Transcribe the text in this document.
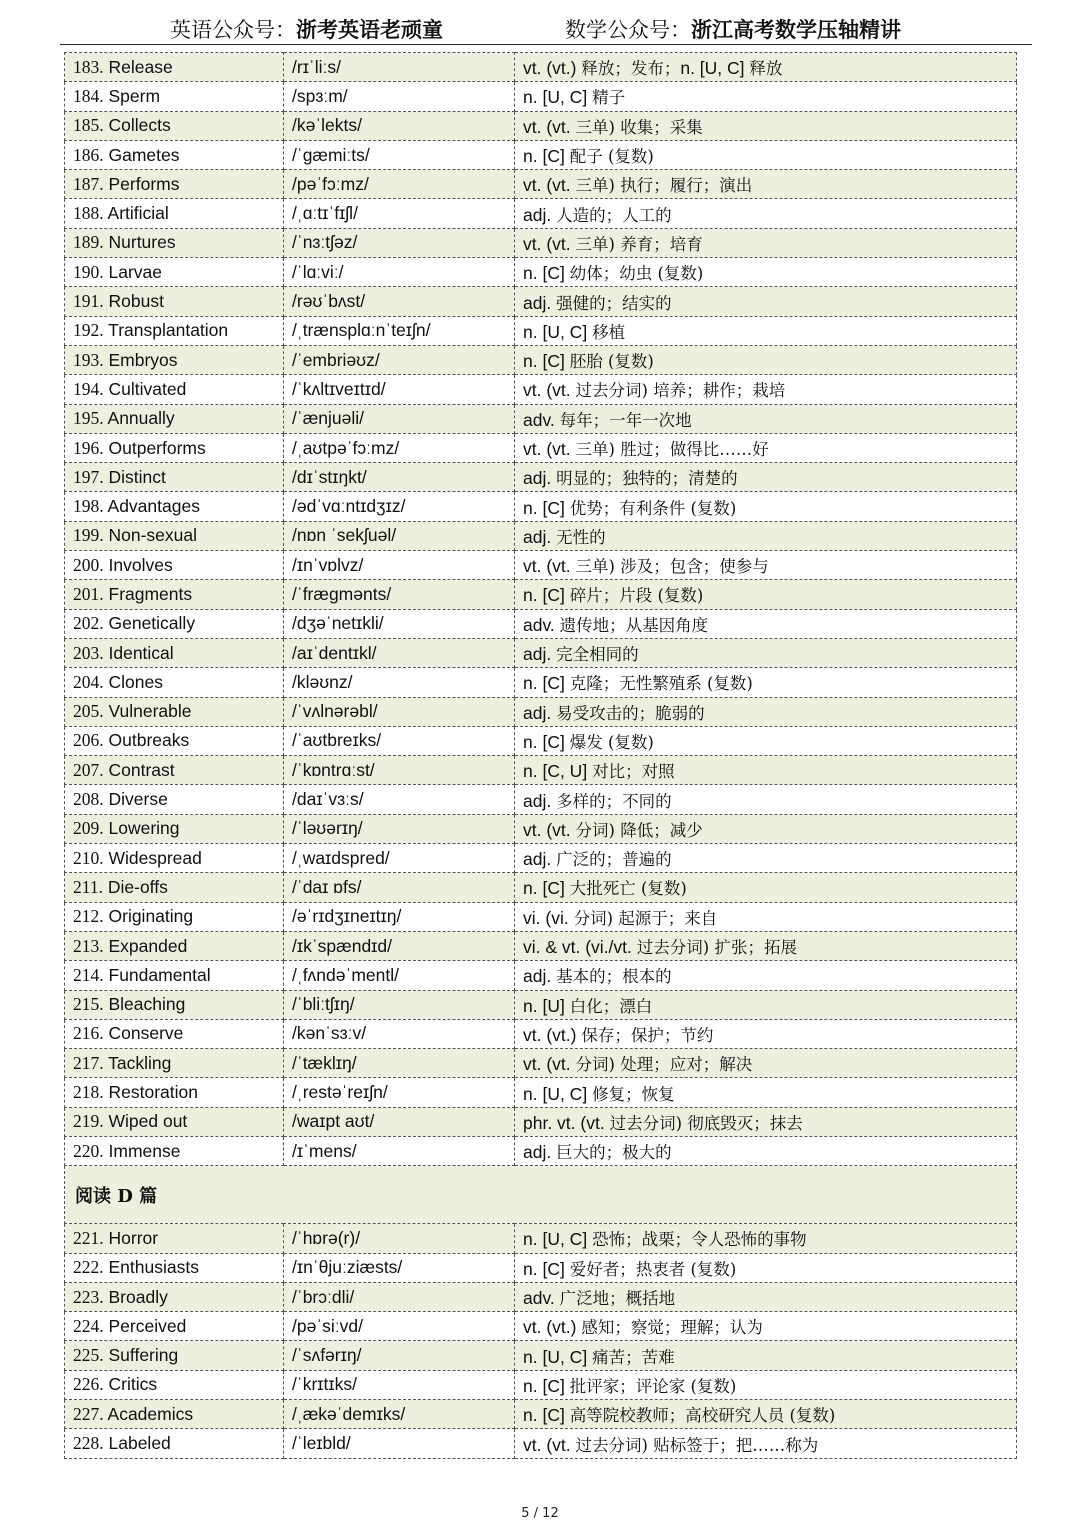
英语公众号：浙考英语老顽童	数学公众号：浙江高考数学压轴精讲
183. Release	/rɪˈliːs/	vt. (vt.) 释放；发布；n. [U, C] 释放
184. Sperm	/spɜːm/	n. [U, C] 精子
185. Collects	/kəˈlekts/	vt. (vt. 三单) 收集；采集
186. Gametes	/ˈɡæmiːts/	n. [C] 配子 (复数)
187. Performs	/pəˈfɔːmz/	vt. (vt. 三单) 执行；履行；演出
188. Artificial	/ˌɑːtɪˈfɪʃl/	adj. 人造的；人工的
189. Nurtures	/ˈnɜːtʃəz/	vt. (vt. 三单) 养育；培育
190. Larvae	/ˈlɑːviː/	n. [C] 幼体；幼虫 (复数)
191. Robust	/rəʊˈbʌst/	adj. 强健的；结实的
192. Transplantation	/ˌtrænsplɑːnˈteɪʃn/	n. [U, C] 移植
193. Embryos	/ˈembriəʊz/	n. [C] 胚胎 (复数)
194. Cultivated	/ˈkʌltɪveɪtɪd/	vt. (vt. 过去分词) 培养；耕作；栽培
195. Annually	/ˈænjuəli/	adv. 每年；一年一次地
196. Outperforms	/ˌaʊtpəˈfɔːmz/	vt. (vt. 三单) 胜过；做得比……好
197. Distinct	/dɪˈstɪŋkt/	adj. 明显的；独特的；清楚的
198. Advantages	/ədˈvɑːntɪdʒɪz/	n. [C] 优势；有利条件 (复数)
199. Non-sexual	/nɒn ˈsekʃuəl/	adj. 无性的
200. Involves	/ɪnˈvɒlvz/	vt. (vt. 三单) 涉及；包含；使参与
201. Fragments	/ˈfræɡmənts/	n. [C] 碎片；片段 (复数)
202. Genetically	/dʒəˈnetɪkli/	adv. 遗传地；从基因角度
203. Identical	/aɪˈdentɪkl/	adj. 完全相同的
204. Clones	/kləʊnz/	n. [C] 克隆；无性繁殖系 (复数)
205. Vulnerable	/ˈvʌlnərəbl/	adj. 易受攻击的；脆弱的
206. Outbreaks	/ˈaʊtbreɪks/	n. [C] 爆发 (复数)
207. Contrast	/ˈkɒntrɑːst/	n. [C, U] 对比；对照
208. Diverse	/daɪˈvɜːs/	adj. 多样的；不同的
209. Lowering	/ˈləʊərɪŋ/	vt. (vt. 分词) 降低；减少
210. Widespread	/ˌwaɪdspred/	adj. 广泛的；普遍的
211. Die-offs	/ˈdaɪ ɒfs/	n. [C] 大批死亡 (复数)
212. Originating	/əˈrɪdʒɪneɪtɪŋ/	vi. (vi. 分词) 起源于；来自
213. Expanded	/ɪkˈspændɪd/	vi. & vt. (vi./vt. 过去分词) 扩张；拓展
214. Fundamental	/ˌfʌndəˈmentl/	adj. 基本的；根本的
215. Bleaching	/ˈbliːtʃɪŋ/	n. [U] 白化；漂白
216. Conserve	/kənˈsɜːv/	vt. (vt.) 保存；保护；节约
217. Tackling	/ˈtæklɪŋ/	vt. (vt. 分词) 处理；应对；解决
218. Restoration	/ˌrestəˈreɪʃn/	n. [U, C] 修复；恢复
219. Wiped out	/waɪpt aʊt/	phr. vt. (vt. 过去分词) 彻底毁灭；抹去
220. Immense	/ɪˈmens/	adj. 巨大的；极大的
阅读 D 篇		
221. Horror	/ˈhɒrə(r)/	n. [U, C] 恐怖；战栗；令人恐怖的事物
222. Enthusiasts	/ɪnˈθjuːziæsts/	n. [C] 爱好者；热衷者 (复数)
223. Broadly	/ˈbrɔːdli/	adv. 广泛地；概括地
224. Perceived	/pəˈsiːvd/	vt. (vt.) 感知；察觉；理解；认为
225. Suffering	/ˈsʌfərɪŋ/	n. [U, C] 痛苦；苦难
226. Critics	/ˈkrɪtɪks/	n. [C] 批评家；评论家 (复数)
227. Academics	/ˌækəˈdemɪks/	n. [C] 高等院校教师；高校研究人员 (复数)
228. Labeled	/ˈleɪbld/	vt. (vt. 过去分词) 贴标签于；把……称为
5 / 12
